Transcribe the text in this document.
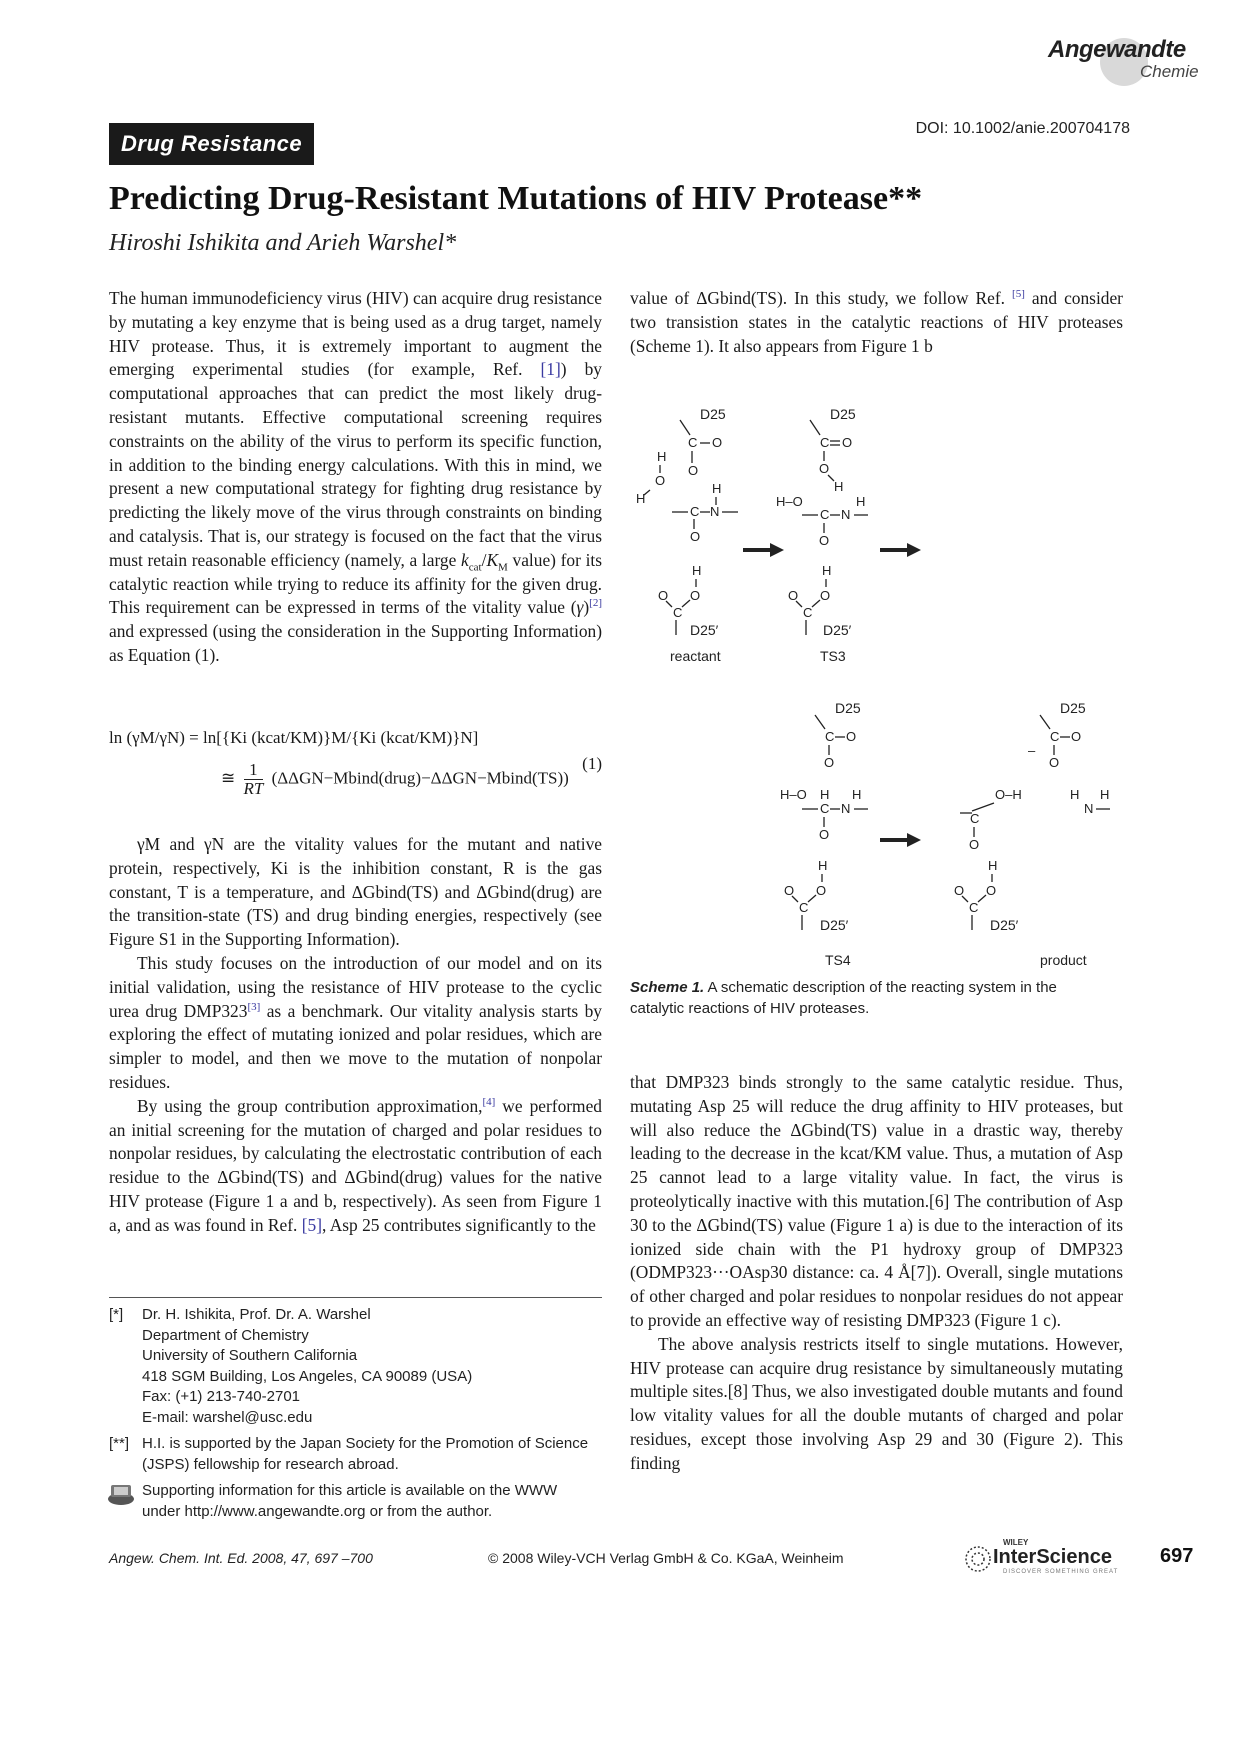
Angewandte
Chemie
DOI: 10.1002/anie.200704178
Drug Resistance
Predicting Drug-Resistant Mutations of HIV Protease**
Hiroshi Ishikita and Arieh Warshel*

The human immunodeficiency virus (HIV) can acquire drug resistance by mutating a key enzyme that is being used as a drug target, namely HIV protease. Thus, it is extremely important to augment the emerging experimental studies (for example, Ref. [1]) by computational approaches that can predict the most likely drug-resistant mutants. Effective computational screening requires constraints on the ability of the virus to perform its specific function, in addition to the binding energy calculations. With this in mind, we present a new computational strategy for fighting drug resistance by predicting the likely move of the virus through constraints on binding and catalysis. That is, our strategy is focused on the fact that the virus must retain reasonable efficiency (namely, a large $k_{cat}/K_M$ value) for its catalytic reaction while trying to reduce its affinity for the given drug. This requirement can be expressed in terms of the vitality value (γ)[2] and expressed (using the consideration in the Supporting Information) as Equation (1).

ln (γM/γN) = ln[{Ki (kcat/KM)}M/{Ki (kcat/KM)}N]
≅ $\frac{1}{RT}$ (ΔΔGN−Mbind(drug)−ΔΔGN−Mbind(TS))
(1)

γM and γN are the vitality values for the mutant and native protein, respectively, Ki is the inhibition constant, R is the gas constant, T is a temperature, and ΔGbind(TS) and ΔGbind(drug) are the transition-state (TS) and drug binding energies, respectively (see Figure S1 in the Supporting Information).

This study focuses on the introduction of our model and on its initial validation, using the resistance of HIV protease to the cyclic urea drug DMP323[3] as a benchmark. Our vitality analysis starts by exploring the effect of mutating ionized and polar residues, which are simpler to model, and then we move to the mutation of nonpolar residues.

By using the group contribution approximation,[4] we performed an initial screening for the mutation of charged and polar residues to nonpolar residues, by calculating the electrostatic contribution of each residue to the ΔGbind(TS) and ΔGbind(drug) values for the native HIV protease (Figure 1 a and b, respectively). As seen from Figure 1 a, and as was found in Ref. [5], Asp 25 contributes significantly to the

value of ΔGbind(TS). In this study, we follow Ref. [5] and consider two transistion states in the catalytic reactions of HIV proteases (Scheme 1). It also appears from Figure 1 b

D25
C O
O
H
O
H
H
C N
O
H
O
O
C
D25′
reactant
D25
C O
O
H
H–O	H
C N
O
H
O
O
C
D25′
TS3
D25
C O
O
H–O H H
C N
O
H
O
O
C
D25′
TS4
D25
C O
–
O
O–H
C
O
H H
N
H
O
O
C
D25′
product
Scheme 1. A schematic description of the reacting system in the catalytic reactions of HIV proteases.

that DMP323 binds strongly to the same catalytic residue. Thus, mutating Asp 25 will reduce the drug affinity to HIV proteases, but will also reduce the ΔGbind(TS) value in a drastic way, thereby leading to the decrease in the kcat/KM value. Thus, a mutation of Asp 25 cannot lead to a large vitality value. In fact, the virus is proteolytically inactive with this mutation.[6] The contribution of Asp 30 to the ΔGbind(TS) value (Figure 1 a) is due to the interaction of its ionized side chain with the P1 hydroxy group of DMP323 (ODMP323···OAsp30 distance: ca. 4 Å[7]). Overall, single mutations of other charged and polar residues to nonpolar residues do not appear to provide an effective way of resisting DMP323 (Figure 1 c).

The above analysis restricts itself to single mutations. However, HIV protease can acquire drug resistance by simultaneously mutating multiple sites.[8] Thus, we also investigated double mutants and found low vitality values for all the double mutants of charged and polar residues, except those involving Asp 29 and 30 (Figure 2). This finding

[*] Dr. H. Ishikita, Prof. Dr. A. Warshel
Department of Chemistry
University of Southern California
418 SGM Building, Los Angeles, CA 90089 (USA)
Fax: (+1) 213-740-2701
E-mail: warshel@usc.edu
[**] H.I. is supported by the Japan Society for the Promotion of Science
(JSPS) fellowship for research abroad.
Supporting information for this article is available on the WWW
under http://www.angewandte.org or from the author.
Angew. Chem. Int. Ed. 2008, 47, 697 –700	© 2008 Wiley-VCH Verlag GmbH & Co. KGaA, Weinheim
WILEY
InterScience
DISCOVER SOMETHING GREAT
697
